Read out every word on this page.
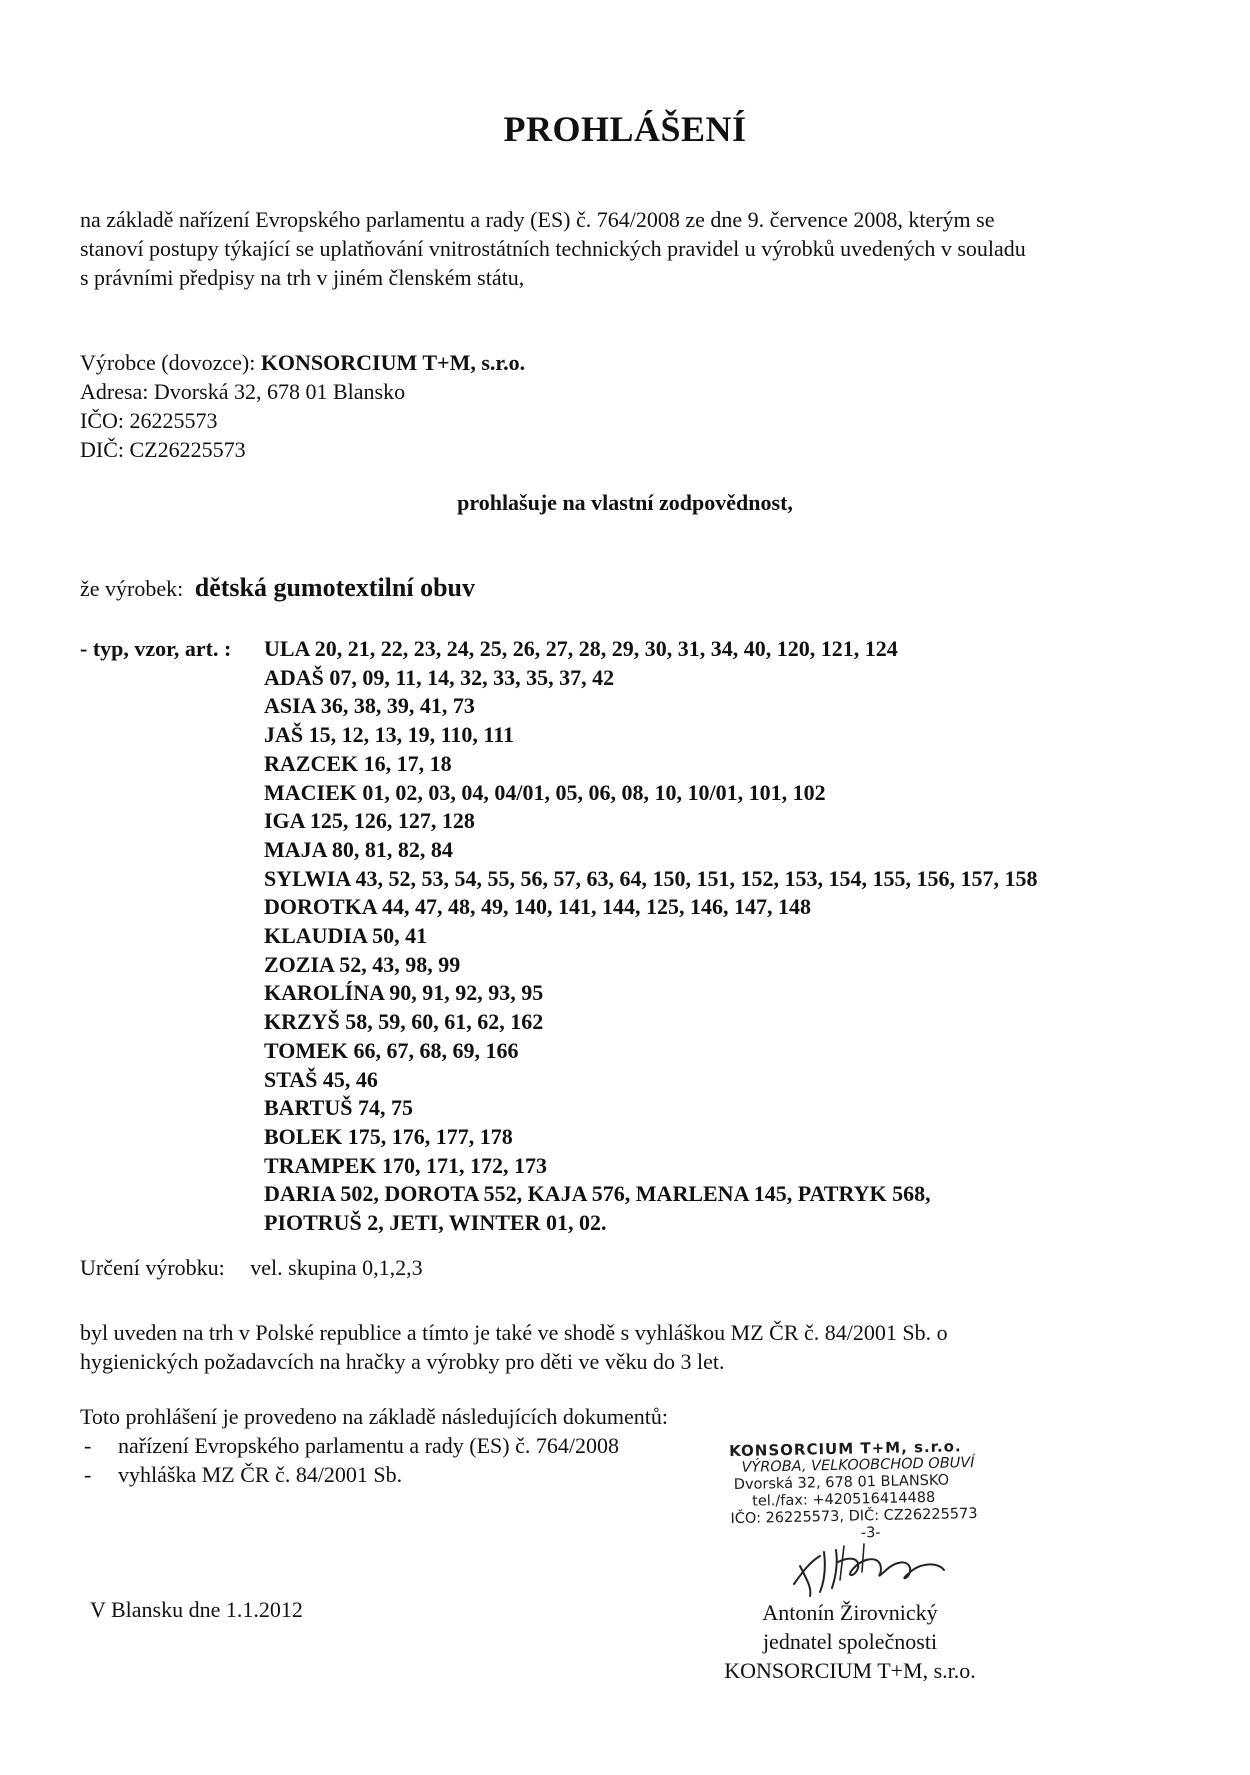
PROHLÁŠENÍ
na základě nařízení Evropského parlamentu a rady (ES) č. 764/2008 ze dne 9. července 2008, kterým se
stanoví postupy týkající se uplatňování vnitrostátních technických pravidel u výrobků uvedených v souladu
s právními předpisy na trh v jiném členském státu,
Výrobce (dovozce): KONSORCIUM T+M, s.r.o.
Adresa: Dvorská 32, 678 01 Blansko
IČO: 26225573
DIČ: CZ26225573
prohlašuje na vlastní zodpovědnost,
že výrobek: dětská gumotextilní obuv
- typ, vzor, art. : ULA 20, 21, 22, 23, 24, 25, 26, 27, 28, 29, 30, 31, 34, 40, 120, 121, 124
ADAŠ 07, 09, 11, 14, 32, 33, 35, 37, 42
ASIA 36, 38, 39, 41, 73
JAŠ 15, 12, 13, 19, 110, 111
RAZCEK 16, 17, 18
MACIEK 01, 02, 03, 04, 04/01, 05, 06, 08, 10, 10/01, 101, 102
IGA 125, 126, 127, 128
MAJA 80, 81, 82, 84
SYLWIA 43, 52, 53, 54, 55, 56, 57, 63, 64, 150, 151, 152, 153, 154, 155, 156, 157, 158
DOROTKA 44, 47, 48, 49, 140, 141, 144, 125, 146, 147, 148
KLAUDIA 50, 41
ZOZIA 52, 43, 98, 99
KAROLÍNA 90, 91, 92, 93, 95
KRZYŠ 58, 59, 60, 61, 62, 162
TOMEK 66, 67, 68, 69, 166
STAŠ 45, 46
BARTUŠ 74, 75
BOLEK 175, 176, 177, 178
TRAMPEK 170, 171, 172, 173
DARIA 502, DOROTA 552, KAJA 576, MARLENA 145, PATRYK 568,
PIOTRUŠ 2, JETI, WINTER 01, 02.
Určení výrobku: vel. skupina 0,1,2,3
byl uveden na trh v Polské republice a tímto je také ve shodě s vyhláškou MZ ČR č. 84/2001 Sb. o
hygienických požadavcích na hračky a výrobky pro děti ve věku do 3 let.
Toto prohlášení je provedeno na základě následujících dokumentů:
- nařízení Evropského parlamentu a rady (ES) č. 764/2008
- vyhláška MZ ČR č. 84/2001 Sb.
V Blansku dne 1.1.2012
KONSORCIUM T+M, s.r.o.
VÝROBA, VELKOOBCHOD OBUVÍ
Dvorská 32, 678 01 BLANSKO
tel./fax: +420516414488
IČO: 26225573, DIČ: CZ26225573
-3-
Antonín Žirovnický
jednatel společnosti
KONSORCIUM T+M, s.r.o.
